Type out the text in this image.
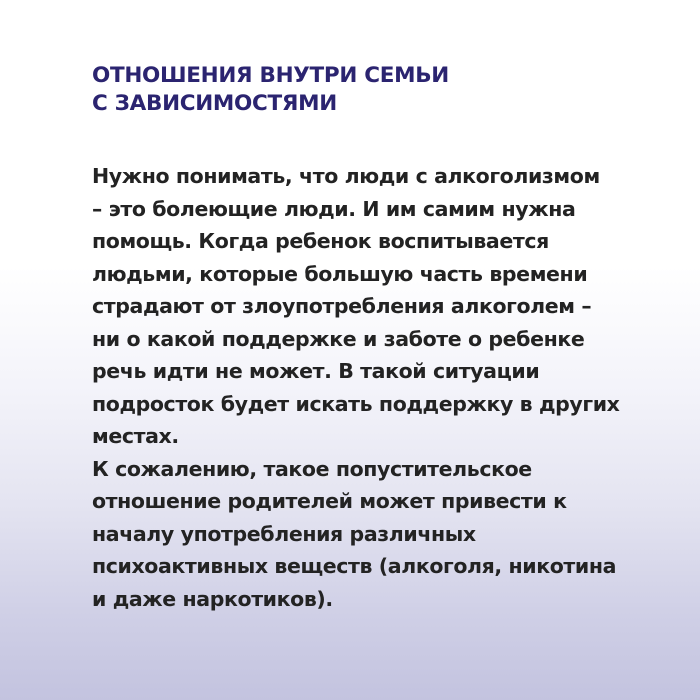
ОТНОШЕНИЯ ВНУТРИ СЕМЬИ
С ЗАВИСИМОСТЯМИ

Нужно понимать, что люди с алкоголизмом
– это болеющие люди. И им самим нужна
помощь. Когда ребенок воспитывается
людьми, которые большую часть времени
страдают от злоупотребления алкоголем –
ни о какой поддержке и заботе о ребенке
речь идти не может. В такой ситуации
подросток будет искать поддержку в других
местах.
К сожалению, такое попустительское
отношение родителей может привести к
началу употребления различных
психоактивных веществ (алкоголя, никотина
и даже наркотиков).
